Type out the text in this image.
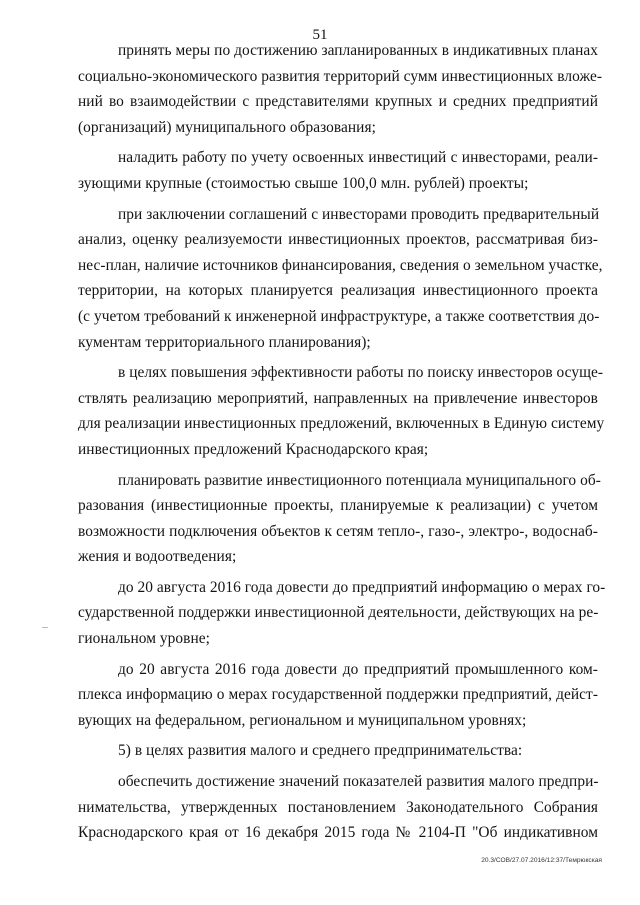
51
принять меры по достижению запланированных в индикативных планах
социально-экономического развития территорий сумм инвестиционных вложе-
ний во взаимодействии с представителями крупных и средних предприятий
(организаций) муниципального образования;
наладить работу по учету освоенных инвестиций с инвесторами, реали-
зующими крупные (стоимостью свыше 100,0 млн. рублей) проекты;
при заключении соглашений с инвесторами проводить предварительный
анализ, оценку реализуемости инвестиционных проектов, рассматривая биз-
нес-план, наличие источников финансирования, сведения о земельном участке,
территории, на которых планируется реализация инвестиционного проекта
(с учетом требований к инженерной инфраструктуре, а также соответствия до-
кументам территориального планирования);
в целях повышения эффективности работы по поиску инвесторов осуще-
ствлять реализацию мероприятий, направленных на привлечение инвесторов
для реализации инвестиционных предложений, включенных в Единую систему
инвестиционных предложений Краснодарского края;
планировать развитие инвестиционного потенциала муниципального об-
разования (инвестиционные проекты, планируемые к реализации) с учетом
возможности подключения объектов к сетям тепло-, газо-, электро-, водоснаб-
жения и водоотведения;
до 20 августа 2016 года довести до предприятий информацию о мерах го-
сударственной поддержки инвестиционной деятельности, действующих на ре-
гиональном уровне;
до 20 августа 2016 года довести до предприятий промышленного ком-
плекса информацию о мерах государственной поддержки предприятий, дейст-
вующих на федеральном, региональном и муниципальном уровнях;
5) в целях развития малого и среднего предпринимательства:
обеспечить достижение значений показателей развития малого предпри-
нимательства, утвержденных постановлением Законодательного Собрания
Краснодарского края от 16 декабря 2015 года № 2104-П "Об индикативном
20.3/СОВ/27.07.2016/12:37/Темрюкская
